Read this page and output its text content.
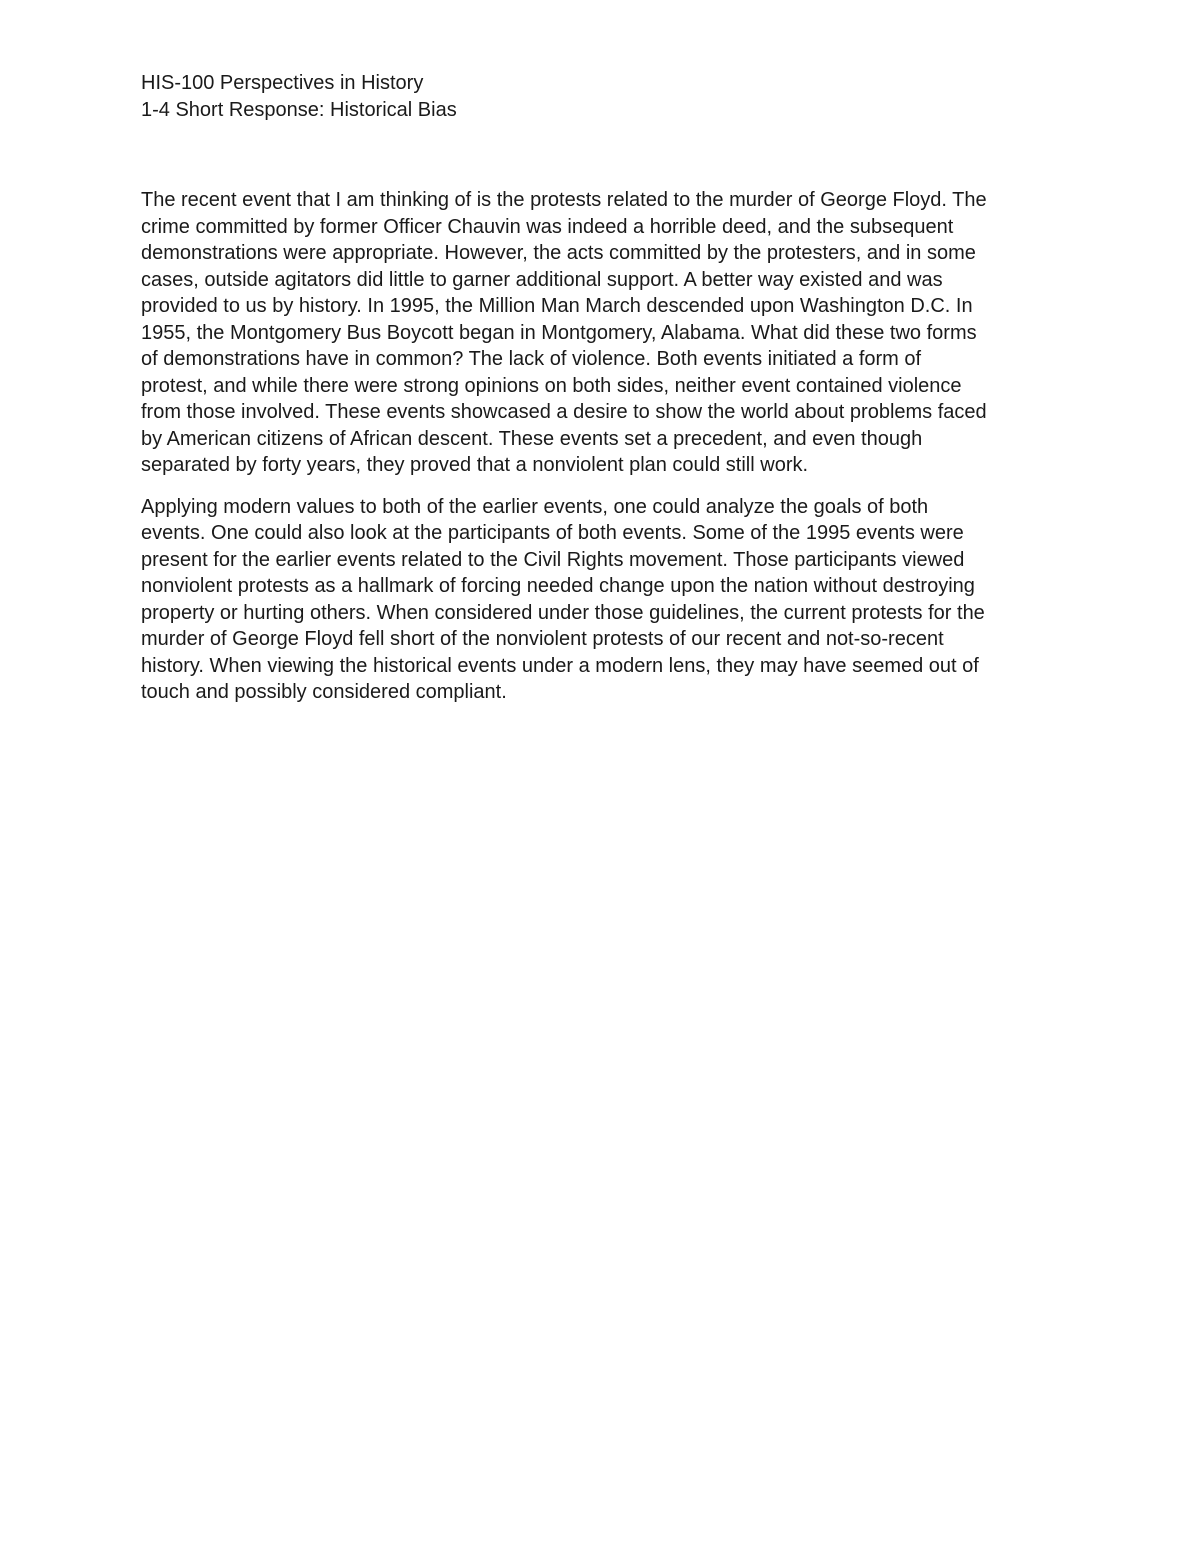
HIS-100 Perspectives in History
1-4 Short Response: Historical Bias
The recent event that I am thinking of is the protests related to the murder of George Floyd. The
crime committed by former Officer Chauvin was indeed a horrible deed, and the subsequent
demonstrations were appropriate. However, the acts committed by the protesters, and in some
cases, outside agitators did little to garner additional support. A better way existed and was
provided to us by history. In 1995, the Million Man March descended upon Washington D.C. In
1955, the Montgomery Bus Boycott began in Montgomery, Alabama. What did these two forms
of demonstrations have in common? The lack of violence. Both events initiated a form of
protest, and while there were strong opinions on both sides, neither event contained violence
from those involved. These events showcased a desire to show the world about problems faced
by American citizens of African descent. These events set a precedent, and even though
separated by forty years, they proved that a nonviolent plan could still work.
Applying modern values to both of the earlier events, one could analyze the goals of both
events. One could also look at the participants of both events. Some of the 1995 events were
present for the earlier events related to the Civil Rights movement. Those participants viewed
nonviolent protests as a hallmark of forcing needed change upon the nation without destroying
property or hurting others. When considered under those guidelines, the current protests for the
murder of George Floyd fell short of the nonviolent protests of our recent and not-so-recent
history. When viewing the historical events under a modern lens, they may have seemed out of
touch and possibly considered compliant.
